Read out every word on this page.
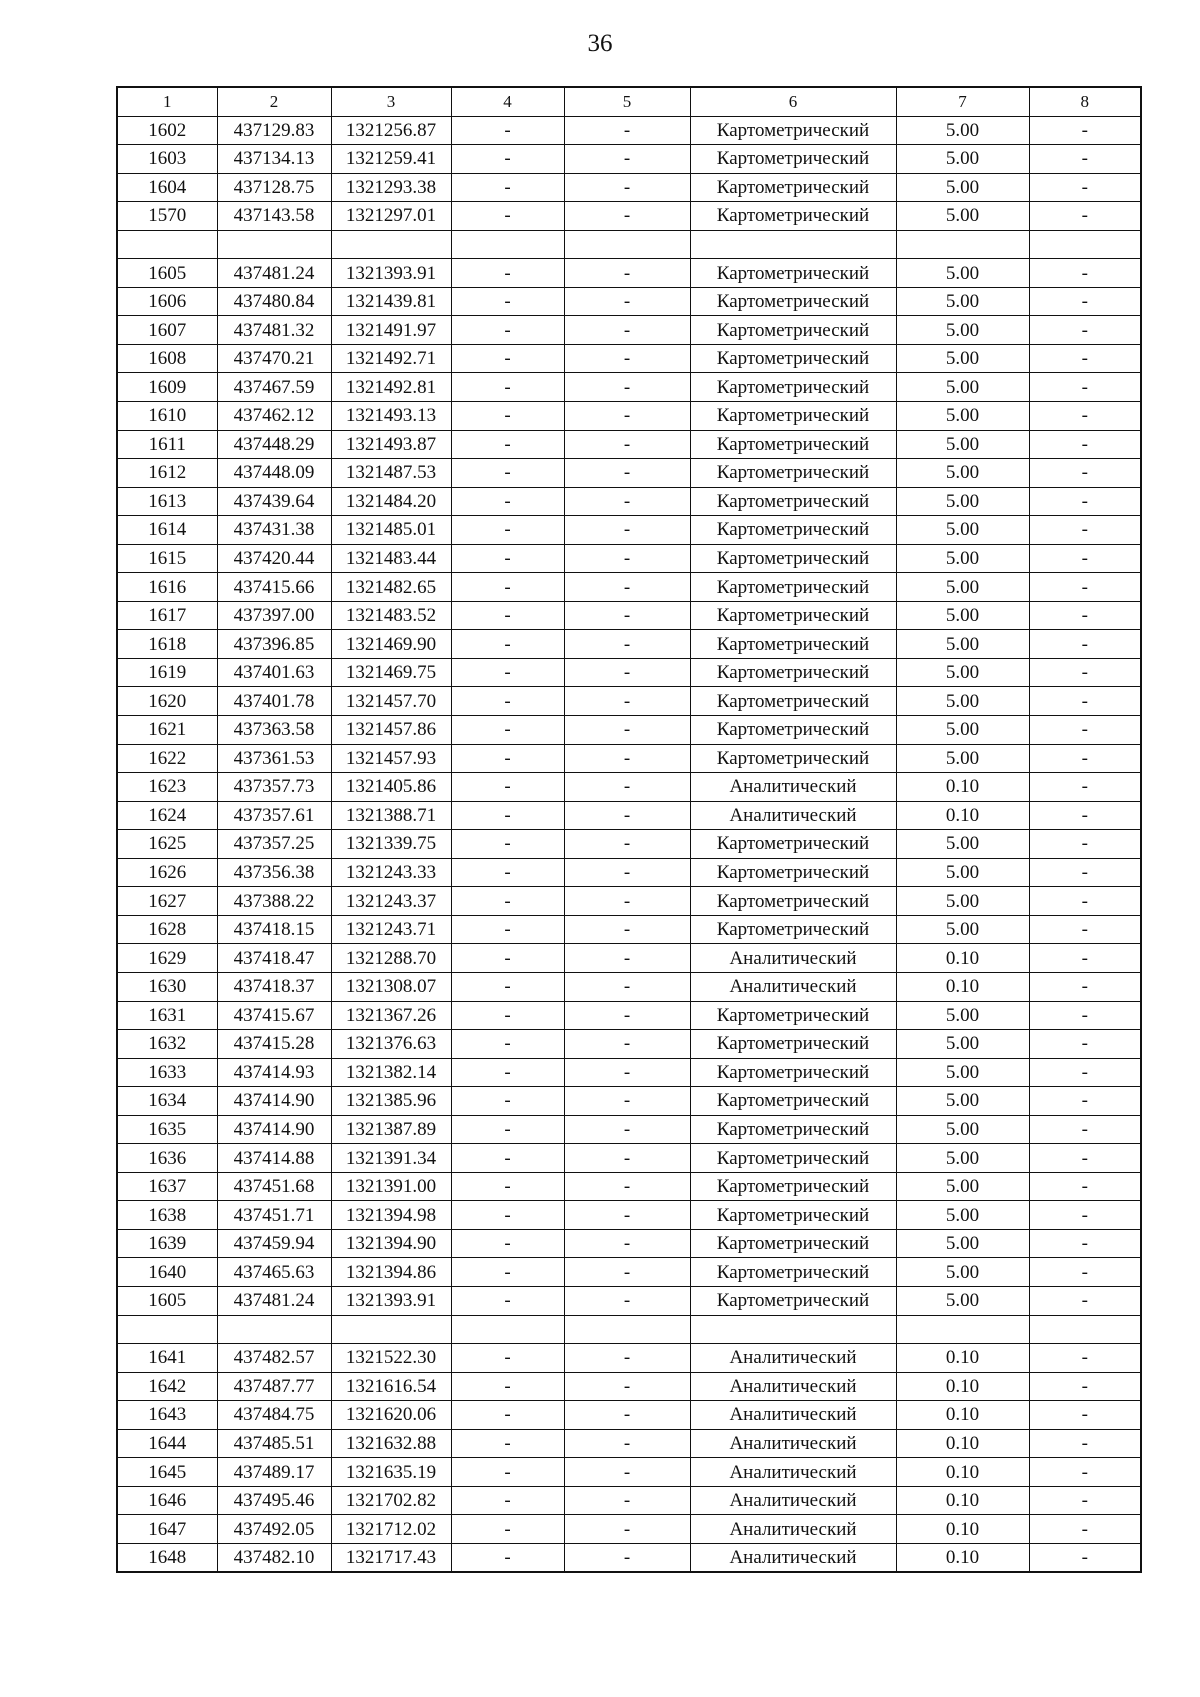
36
1	2	3	4	5	6	7	8
1602	437129.83	1321256.87	-	-	Картометрический	5.00	-
1603	437134.13	1321259.41	-	-	Картометрический	5.00	-
1604	437128.75	1321293.38	-	-	Картометрический	5.00	-
1570	437143.58	1321297.01	-	-	Картометрический	5.00	-

1605	437481.24	1321393.91	-	-	Картометрический	5.00	-
1606	437480.84	1321439.81	-	-	Картометрический	5.00	-
1607	437481.32	1321491.97	-	-	Картометрический	5.00	-
1608	437470.21	1321492.71	-	-	Картометрический	5.00	-
1609	437467.59	1321492.81	-	-	Картометрический	5.00	-
1610	437462.12	1321493.13	-	-	Картометрический	5.00	-
1611	437448.29	1321493.87	-	-	Картометрический	5.00	-
1612	437448.09	1321487.53	-	-	Картометрический	5.00	-
1613	437439.64	1321484.20	-	-	Картометрический	5.00	-
1614	437431.38	1321485.01	-	-	Картометрический	5.00	-
1615	437420.44	1321483.44	-	-	Картометрический	5.00	-
1616	437415.66	1321482.65	-	-	Картометрический	5.00	-
1617	437397.00	1321483.52	-	-	Картометрический	5.00	-
1618	437396.85	1321469.90	-	-	Картометрический	5.00	-
1619	437401.63	1321469.75	-	-	Картометрический	5.00	-
1620	437401.78	1321457.70	-	-	Картометрический	5.00	-
1621	437363.58	1321457.86	-	-	Картометрический	5.00	-
1622	437361.53	1321457.93	-	-	Картометрический	5.00	-
1623	437357.73	1321405.86	-	-	Аналитический	0.10	-
1624	437357.61	1321388.71	-	-	Аналитический	0.10	-
1625	437357.25	1321339.75	-	-	Картометрический	5.00	-
1626	437356.38	1321243.33	-	-	Картометрический	5.00	-
1627	437388.22	1321243.37	-	-	Картометрический	5.00	-
1628	437418.15	1321243.71	-	-	Картометрический	5.00	-
1629	437418.47	1321288.70	-	-	Аналитический	0.10	-
1630	437418.37	1321308.07	-	-	Аналитический	0.10	-
1631	437415.67	1321367.26	-	-	Картометрический	5.00	-
1632	437415.28	1321376.63	-	-	Картометрический	5.00	-
1633	437414.93	1321382.14	-	-	Картометрический	5.00	-
1634	437414.90	1321385.96	-	-	Картометрический	5.00	-
1635	437414.90	1321387.89	-	-	Картометрический	5.00	-
1636	437414.88	1321391.34	-	-	Картометрический	5.00	-
1637	437451.68	1321391.00	-	-	Картометрический	5.00	-
1638	437451.71	1321394.98	-	-	Картометрический	5.00	-
1639	437459.94	1321394.90	-	-	Картометрический	5.00	-
1640	437465.63	1321394.86	-	-	Картометрический	5.00	-
1605	437481.24	1321393.91	-	-	Картометрический	5.00	-

1641	437482.57	1321522.30	-	-	Аналитический	0.10	-
1642	437487.77	1321616.54	-	-	Аналитический	0.10	-
1643	437484.75	1321620.06	-	-	Аналитический	0.10	-
1644	437485.51	1321632.88	-	-	Аналитический	0.10	-
1645	437489.17	1321635.19	-	-	Аналитический	0.10	-
1646	437495.46	1321702.82	-	-	Аналитический	0.10	-
1647	437492.05	1321712.02	-	-	Аналитический	0.10	-
1648	437482.10	1321717.43	-	-	Аналитический	0.10	-
